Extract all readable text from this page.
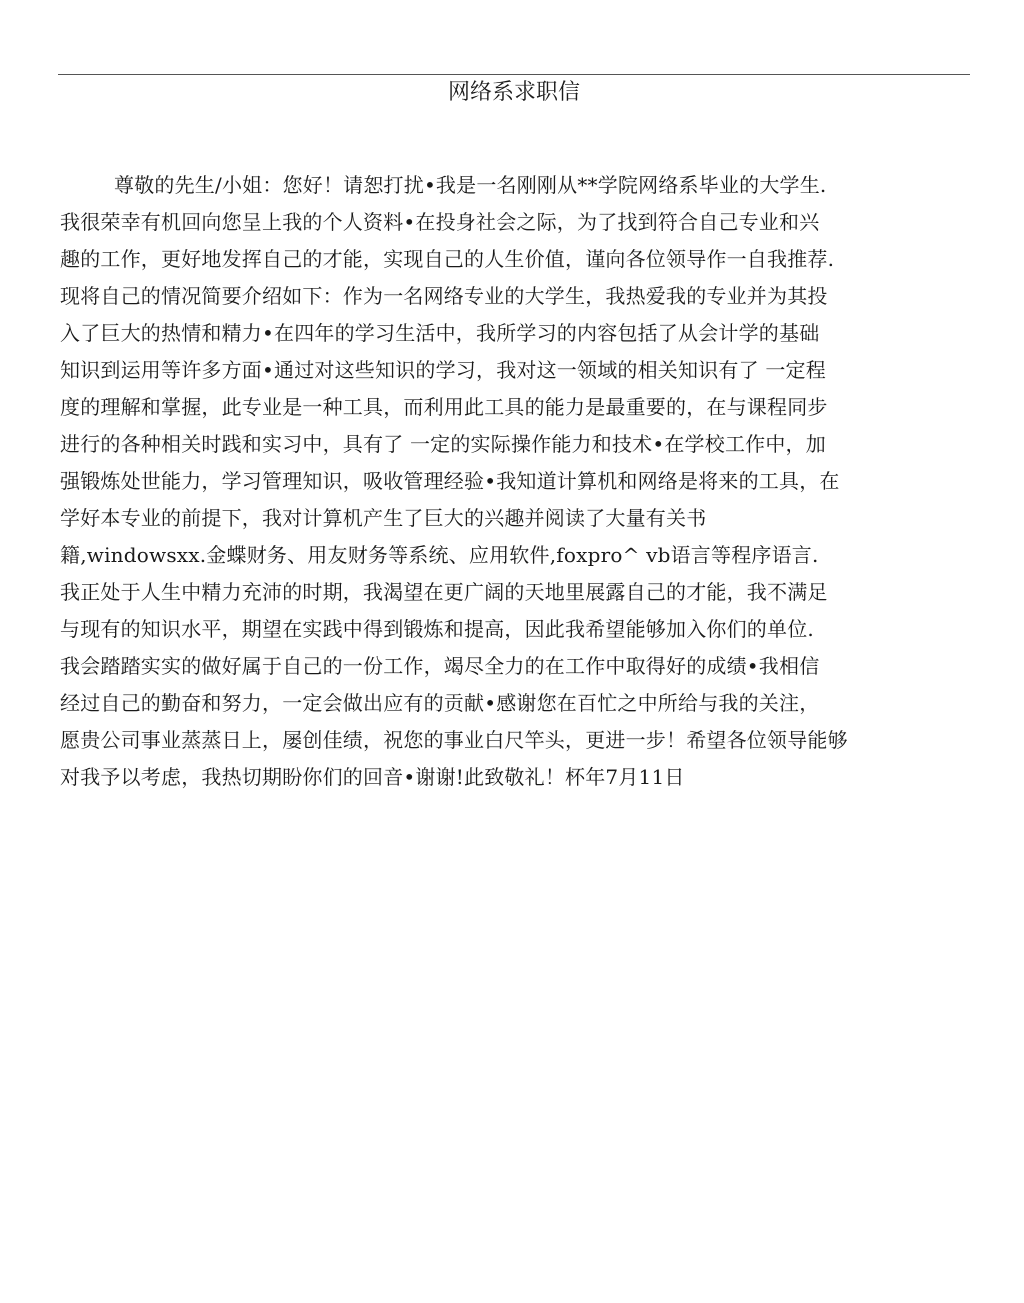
网络系求职信
尊敬的先生/小姐：您好！请恕打扰•我是一名刚刚从**学院网络系毕业的大学生.
我很荣幸有机回向您呈上我的个人资料•在投身社会之际，为了找到符合自己专业和兴
趣的工作，更好地发挥自己的才能，实现自己的人生价值，谨向各位领导作一自我推荐.
现将自己的情况简要介绍如下：作为一名网络专业的大学生，我热爱我的专业并为其投
入了巨大的热情和精力•在四年的学习生活中，我所学习的内容包括了从会计学的基础
知识到运用等许多方面•通过对这些知识的学习，我对这一领域的相关知识有了 一定程
度的理解和掌握，此专业是一种工具，而利用此工具的能力是最重要的，在与课程同步
进行的各种相关时践和实习中，具有了 一定的实际操作能力和技术•在学校工作中，加
强锻炼处世能力，学习管理知识，吸收管理经验•我知道计算机和网络是将来的工具，在
学好本专业的前提下，我对计算机产生了巨大的兴趣并阅读了大量有关书
籍,windowsxx.金蝶财务、用友财务等系统、应用软件,foxpro^ vb语言等程序语言.
我正处于人生中精力充沛的时期，我渴望在更广阔的天地里展露自己的才能，我不满足
与现有的知识水平，期望在实践中得到锻炼和提高，因此我希望能够加入你们的单位.
我会踏踏实实的做好属于自己的一份工作，竭尽全力的在工作中取得好的成绩•我相信
经过自己的勤奋和努力，一定会做出应有的贡献•感谢您在百忙之中所给与我的关注，
愿贵公司事业蒸蒸日上，屡创佳绩，祝您的事业白尺竿头，更进一步！希望各位领导能够
对我予以考虑，我热切期盼你们的回音•谢谢!此致敬礼！杯年7月11日
